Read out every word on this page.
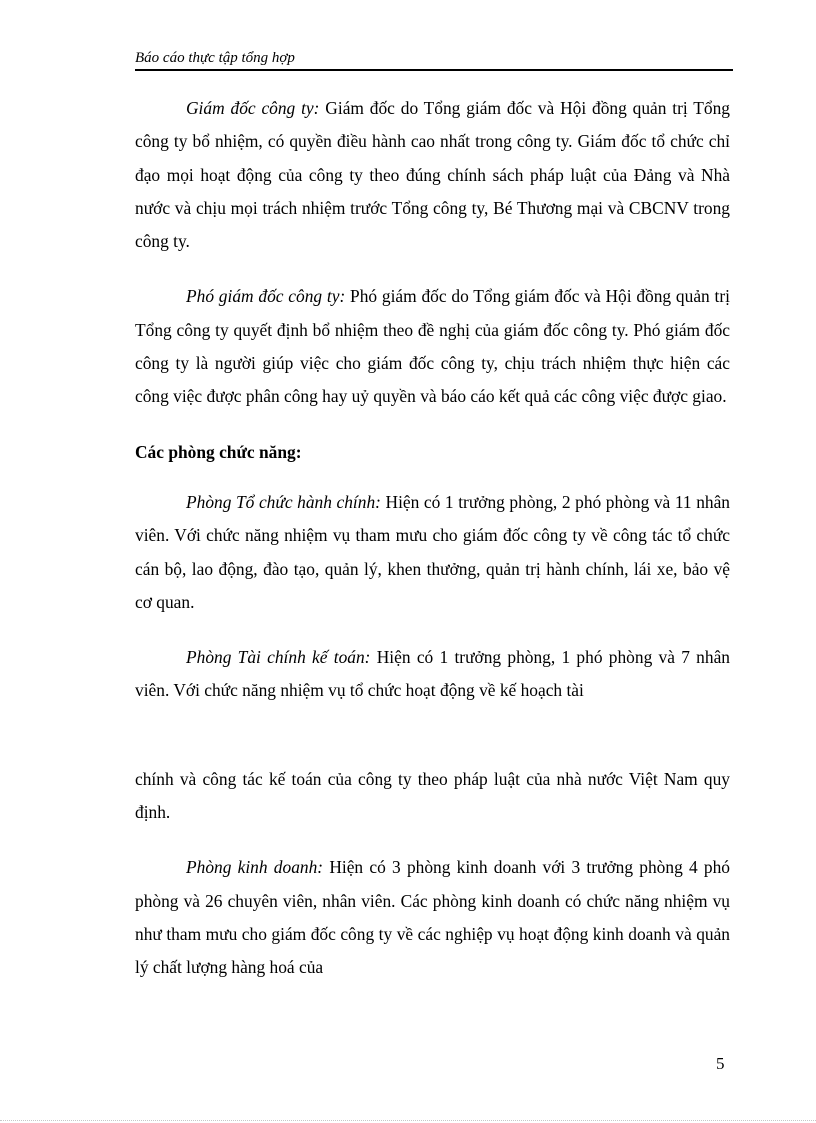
Báo cáo thực tập tổng hợp

Giám đốc công ty: Giám đốc do Tổng giám đốc và Hội đồng quản trị Tổng công ty bổ nhiệm, có quyền điều hành cao nhất trong công ty. Giám đốc tổ chức chỉ đạo mọi hoạt động của công ty theo đúng chính sách pháp luật của Đảng và Nhà nước và chịu mọi trách nhiệm trước Tổng công ty, Bé Thương mại và CBCNV trong công ty.

Phó giám đốc công ty: Phó giám đốc do Tổng giám đốc và Hội đồng quản trị Tổng công ty quyết định bổ nhiệm theo đề nghị của giám đốc công ty. Phó giám đốc công ty là người giúp việc cho giám đốc công ty, chịu trách nhiệm thực hiện các công việc được phân công hay uỷ quyền và báo cáo kết quả các công việc được giao.

Các phòng chức năng:

Phòng Tổ chức hành chính: Hiện có 1 trưởng phòng, 2 phó phòng và 11 nhân viên. Với chức năng nhiệm vụ tham mưu cho giám đốc công ty về công tác tổ chức cán bộ, lao động, đào tạo, quản lý, khen thưởng, quản trị hành chính, lái xe, bảo vệ cơ quan.

Phòng Tài chính kế toán: Hiện có 1 trưởng phòng, 1 phó phòng và 7 nhân viên. Với chức năng nhiệm vụ tổ chức hoạt động về kế hoạch tài

chính và công tác kế toán của công ty theo pháp luật của nhà nước Việt Nam quy định.

Phòng kinh doanh: Hiện có 3 phòng kinh doanh với 3 trưởng phòng 4 phó phòng và 26 chuyên viên, nhân viên. Các phòng kinh doanh có chức năng nhiệm vụ như tham mưu cho giám đốc công ty về các nghiệp vụ hoạt động kinh doanh và quản lý chất lượng hàng hoá của

5
